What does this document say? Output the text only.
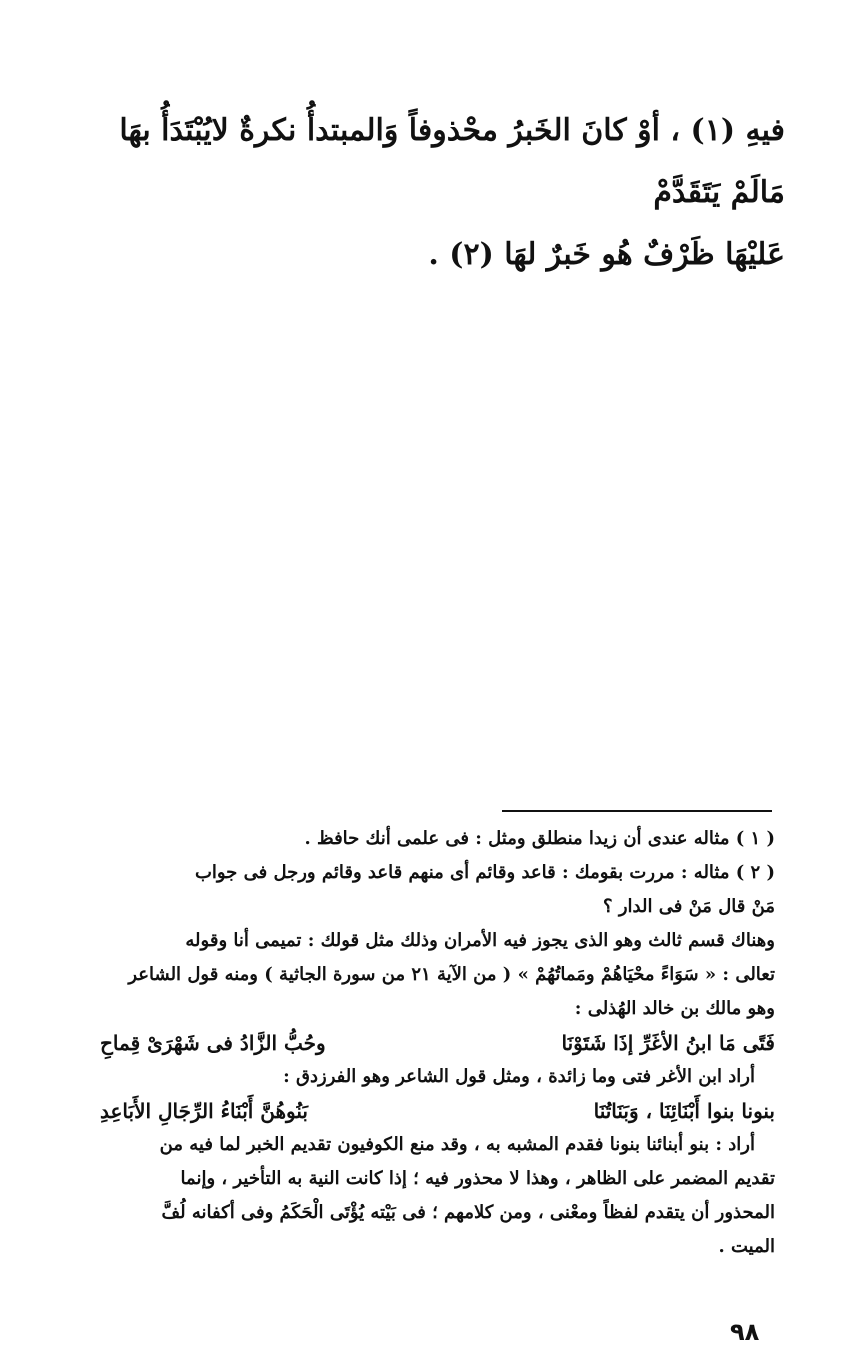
فيهِ (١) ، أوْ كانَ الخَبرُ محْذوفاً وَالمبتدأُ نكرةٌ لايُبْتَدَأُ بهَا مَالَمْ يَتَقَدَّمْ

عَليْهَا ظَرْفٌ هُو خَبرٌ لهَا (٢) .

( ١ ) مثاله عندى أن زيدا منطلق ومثل : فى علمى أنك حافظ .

( ٢ ) مثاله : مررت بقومك : قاعد وقائم أى منهم قاعد وقائم ورجل فى جواب

مَنْ قال مَنْ فى الدار ؟

وهناك قسم ثالث وهو الذى يجوز فيه الأمران وذلك مثل قولك : تميمى أنا وقوله

تعالى : « سَوَاءً محْيَاهُمْ ومَماتُهُمْ » ( من الآية ٢١ من سورة الجاثية ) ومنه قول الشاعر

وهو مالك بن خالد الهُذلى :

فَتًى مَا ابنُ الأغَرِّ إذَا شَتَوْنَا
وحُبُّ الزَّادُ فى شَهْرَىْ قِماحِ

أراد ابن الأغر فتى وما زائدة ، ومثل قول الشاعر وهو الفرزدق :

بنونا بنوا أَبْنَائِنَا ، وَبَنَاتُنَا
بَنُوهُنَّ أَبْنَاءُ الرِّجَالِ الأَبَاعِدِ

أراد : بنو أبنائنا بنونا فقدم المشبه به ، وقد منع الكوفيون تقديم الخبر لما فيه من

تقديم المضمر على الظاهر ، وهذا لا محذور فيه ؛ إذا كانت النية به التأخير ، وإنما

المحذور أن يتقدم لفظاً ومعْنى ، ومن كلامهم ؛ فى بَيْته يُؤْتَى الْحَكَمُ وفى أكفانه لُفَّ

الميت .

٩٨
